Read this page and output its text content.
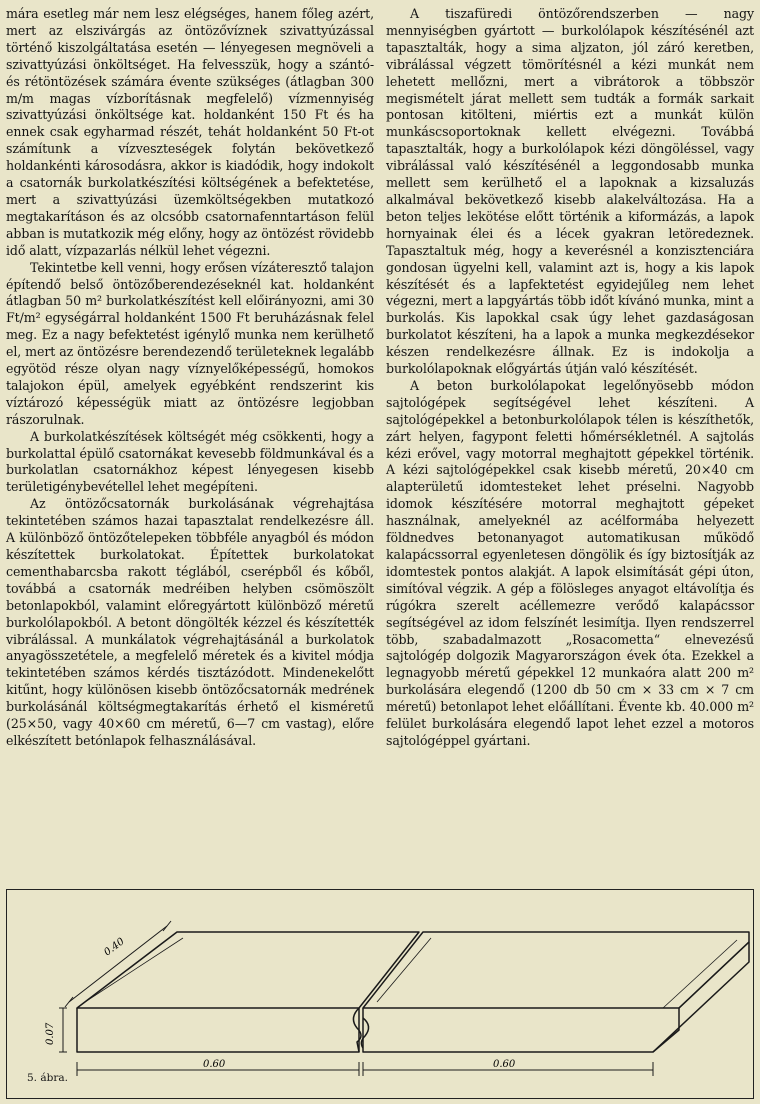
mára esetleg már nem lesz elégséges, hanem főleg azért, mert az elszivárgás az öntözővíznek szivattyúzással történő kiszolgáltatása esetén — lényegesen megnöveli a szivattyúzási önköltséget. Ha felvesszük, hogy a szántó- és rétöntözések számára évente szükséges (átlagban 300 m/m magas vízborításnak megfelelő) vízmennyiség szivattyúzási önköltsége kat. holdanként 150 Ft és ha ennek csak egyharmad részét, tehát holdanként 50 Ft-ot számítunk a vízveszteségek folytán bekövetkező holdankénti károsodásra, akkor is kiadódik, hogy indokolt a csatornák burkolatkészítési költségének a befektetése, mert a szivattyúzási üzemköltségekben mutatkozó megtakarításon és az olcsóbb csatornafenntartáson felül abban is mutatkozik még előny, hogy az öntözést rövidebb idő alatt, vízpazarlás nélkül lehet végezni.

Tekintetbe kell venni, hogy erősen vízáteresztő talajon építendő belső öntözőberendezéseknél kat. holdanként átlagban 50 m² burkolatkészítést kell előirányozni, ami 30 Ft/m² egységárral holdanként 1500 Ft beruházásnak felel meg. Ez a nagy befektetést igénylő munka nem kerülhető el, mert az öntözésre berendezendő területeknek legalább egyötöd része olyan nagy víznyelőképességű, homokos talajokon épül, amelyek egyébként rendszerint kis víztározó képességük miatt az öntözésre legjobban rászorulnak.

A burkolatkészítések költségét még csökkenti, hogy a burkolattal épülő csatornákat kevesebb földmunkával és a burkolatlan csatornákhoz képest lényegesen kisebb területigénybevétellel lehet megépíteni.

Az öntözőcsatornák burkolásának végrehajtása tekintetében számos hazai tapasztalat rendelkezésre áll. A különböző öntözőtelepeken többféle anyagból és módon készítettek burkolatokat. Építettek burkolatokat cementhabarcsba rakott téglából, cserépből és kőből, továbbá a csatornák medréiben helyben csömöszölt betonlapokból, valamint előregyártott különböző méretű burkolólapokból. A betont döngölték kézzel és készítették vibrálással. A munkálatok végrehajtásánál a burkolatok anyagösszetétele, a megfelelő méretek és a kivitel módja tekintetében számos kérdés tisztázódott. Mindenekelőtt kitűnt, hogy különösen kisebb öntözőcsatornák medrének burkolásánál költségmegtakarítás érhető el kisméretű (25×50, vagy 40×60 cm méretű, 6—7 cm vastag), előre elkészített betónlapok felhasználásával.

A tiszafüredi öntözőrendszerben — nagy mennyiségben gyártott — burkolólapok készítésénél azt tapasztalták, hogy a sima aljzaton, jól záró keretben, vibrálással végzett tömörítésnél a kézi munkát nem lehetett mellőzni, mert a vibrátorok a többször megismételt járat mellett sem tudták a formák sarkait pontosan kitölteni, miértis ezt a munkát külön munkáscsoportoknak kellett elvégezni. Továbbá tapasztalták, hogy a burkolólapok kézi döngöléssel, vagy vibrálással való készítésénél a leggondosabb munka mellett sem kerülhető el a lapoknak a kizsaluzás alkalmával bekövetkező kisebb alakelváltozása. Ha a beton teljes lekötése előtt történik a kiformázás, a lapok hornyainak élei és a lécek gyakran letöredeznek. Tapasztaltuk még, hogy a keverésnél a konzisztenciára gondosan ügyelni kell, valamint azt is, hogy a kis lapok készítését és a lapfektetést egyidejűleg nem lehet végezni, mert a lapgyártás több időt kívánó munka, mint a burkolás. Kis lapokkal csak úgy lehet gazdaságosan burkolatot készíteni, ha a lapok a munka megkezdésekor készen rendelkezésre állnak. Ez is indokolja a burkolólapoknak előgyártás útján való készítését.

A beton burkolólapokat legelőnyösebb módon sajtológépek segítségével lehet készíteni. A sajtológépekkel a betonburkolólapok télen is készíthetők, zárt helyen, fagypont feletti hőmérsékletnél. A sajtolás kézi erővel, vagy motorral meghajtott gépekkel történik. A kézi sajtológépekkel csak kisebb méretű, 20×40 cm alapterületű idomtesteket lehet préselni. Nagyobb idomok készítésére motorral meghajtott gépeket használnak, amelyeknél az acélformába helyezett földnedves betonanyagot automatikusan működő kalapácssorral egyenletesen döngölik és így biztosítják az idomtestek pontos alakját. A lapok elsimítását gépi úton, simítóval végzik. A gép a fölösleges anyagot eltávolítja és rúgókra szerelt acéllemezre verődő kalapácssor segítségével az idom felszínét lesimítja. Ilyen rendszerrel több, szabadalmazott „Rosacometta“ elnevezésű sajtológép dolgozik Magyarországon évek óta. Ezekkel a legnagyobb méretű gépekkel 12 munkaóra alatt 200 m² burkolására elegendő (1200 db 50 cm × 33 cm × 7 cm méretű) betonlapot lehet előállítani. Évente kb. 40.000 m² felület burkolására elegendő lapot lehet ezzel a motoros sajtológéppel gyártani.

0.40
0.07
0.60	0.60
5. ábra.
